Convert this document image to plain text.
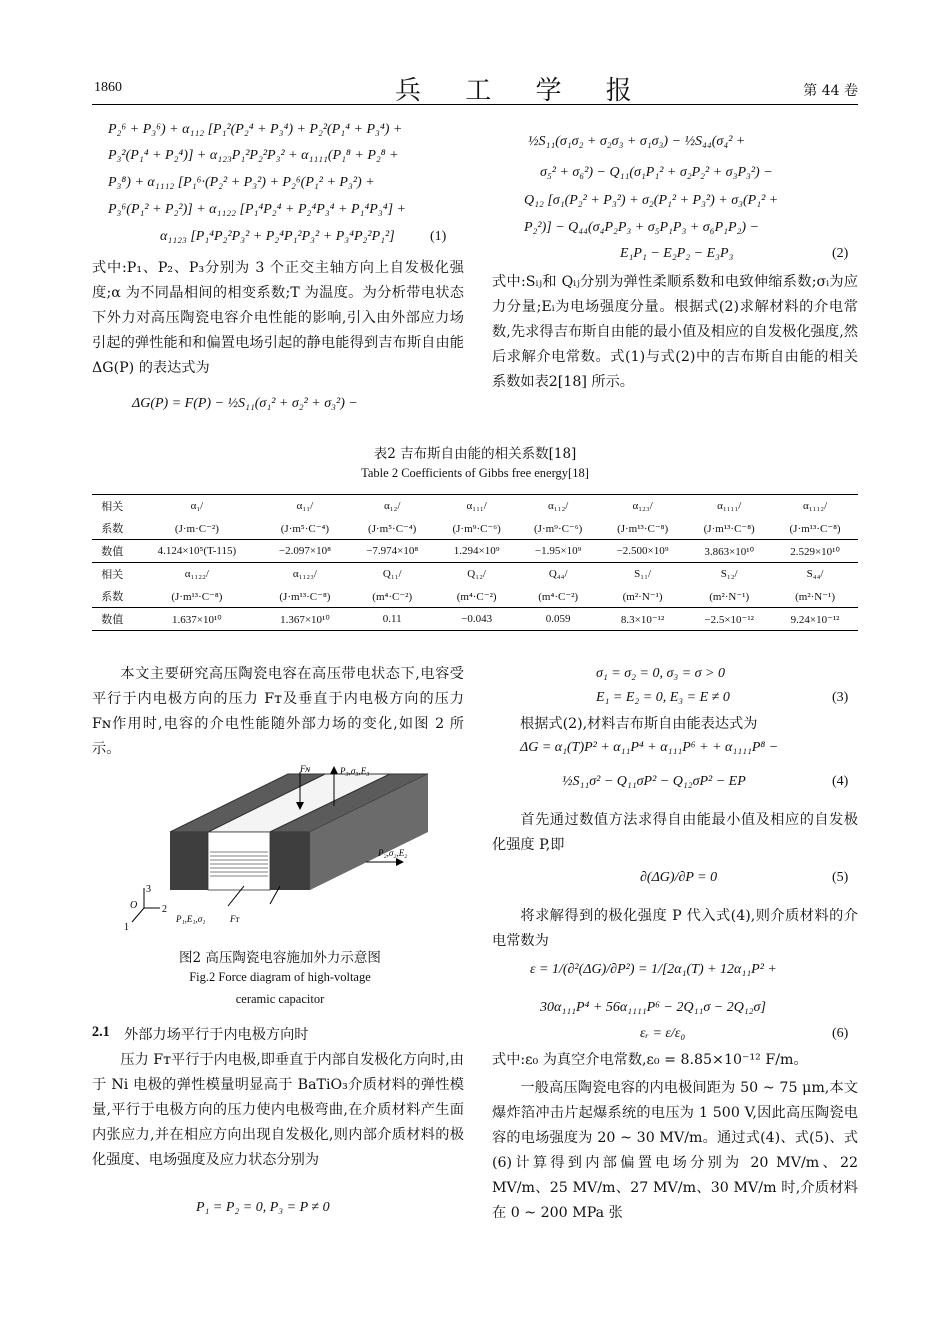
1860	兵 工 学 报	第 44 卷
P₂⁶ + P₃⁶) + α₁₁₂ [P₁²(P₂⁴ + P₃⁴) + P₂²(P₁⁴ + P₃⁴) +
P₃²(P₁⁴ + P₂⁴)] + α₁₂₃P₁²P₂²P₃² + α₁₁₁₁(P₁⁸ + P₂⁸ +
P₃⁸) + α₁₁₁₂ [P₁⁶·(P₂² + P₃²) + P₂⁶(P₁² + P₃²) +
P₃⁶(P₁² + P₂²)] + α₁₁₂₂ [P₁⁴P₂⁴ + P₂⁴P₃⁴ + P₁⁴P₃⁴] +
α₁₁₂₃ [P₁⁴P₂²P₃² + P₂⁴P₁²P₃² + P₃⁴P₂²P₁²]	(1)
式中:P₁、P₂、P₃分别为 3 个正交主轴方向上自发极化强度;α 为不同晶相间的相变系数;T 为温度。为分析带电状态下外力对高压陶瓷电容介电性能的影响,引入由外部应力场引起的弹性能和和偏置电场引起的静电能得到吉布斯自由能ΔG(P) 的表达式为
ΔG(P) = F(P) − ½S₁₁(σ₁² + σ₂² + σ₃²) −
½S₁₁(σ₁σ₂ + σ₂σ₃ + σ₁σ₃) − ½S₄₄(σ₄² +
σ₅² + σ₆²) − Q₁₁(σ₁P₁² + σ₂P₂² + σ₃P₃²) −
Q₁₂ [σ₁(P₂² + P₃²) + σ₂(P₁² + P₃²) + σ₃(P₁² +
P₂²)] − Q₄₄(σ₄P₂P₃ + σ₅P₁P₃ + σ₆P₁P₂) −
E₁P₁ − E₂P₂ − E₃P₃	(2)
式中:Sᵢⱼ和 Qᵢⱼ分别为弹性柔顺系数和电致伸缩系数;σᵢ为应力分量;Eᵢ为电场强度分量。根据式(2)求解材料的介电常数,先求得吉布斯自由能的最小值及相应的自发极化强度,然后求解介电常数。式(1)与式(2)中的吉布斯自由能的相关系数如表2[18] 所示。
表2 吉布斯自由能的相关系数[18]
Table 2 Coefficients of Gibbs free energy[18]
相关	α₁/	α₁₁/	α₁₂/	α₁₁₁/	α₁₁₂/	α₁₂₃/	α₁₁₁₁/	α₁₁₁₂/
系数	(J·m·C⁻²)	(J·m⁵·C⁻⁴)	(J·m⁵·C⁻⁴)	(J·m⁹·C⁻⁶)	(J·m⁹·C⁻⁶)	(J·m¹³·C⁻⁸)	(J·m¹³·C⁻⁸)	(J·m¹³·C⁻⁸)
数值	4.124×10⁵(T-115)	−2.097×10⁸	−7.974×10⁸	1.294×10⁹	−1.95×10⁹	−2.500×10⁹	3.863×10¹⁰	2.529×10¹⁰
相关	α₁₁₂₂/	α₁₁₂₃/	Q₁₁/	Q₁₂/	Q₄₄/	S₁₁/	S₁₂/	S₄₄/
系数	(J·m¹³·C⁻⁸)	(J·m¹³·C⁻⁸)	(m⁴·C⁻²)	(m⁴·C⁻²)	(m⁴·C⁻²)	(m²·N⁻¹)	(m²·N⁻¹)	(m²·N⁻¹)
数值	1.637×10¹⁰	1.367×10¹⁰	0.11	−0.043	0.059	8.3×10⁻¹²	−2.5×10⁻¹²	9.24×10⁻¹²
本文主要研究高压陶瓷电容在高压带电状态下,电容受平行于内电极方向的压力 Fᴛ及垂直于内电极方向的压力 Fɴ作用时,电容的介电性能随外部力场的变化,如图 2 所示。
Fɴ	P₃,σ₃,E₃
P₂,σ₂,E₂
P₁,E₁,σ₁	Fᴛ
3
2
1
O
图2 高压陶瓷电容施加外力示意图
Fig.2 Force diagram of high-voltage
ceramic capacitor
2.1 外部力场平行于内电极方向时
压力 Fᴛ平行于内电极,即垂直于内部自发极化方向时,由于 Ni 电极的弹性模量明显高于 BaTiO₃介质材料的弹性模量,平行于电极方向的压力使内电极弯曲,在介质材料产生面内张应力,并在相应方向出现自发极化,则内部介质材料的极化强度、电场强度及应力状态分别为
P₁ = P₂ = 0, P₃ = P ≠ 0
σ₁ = σ₂ = 0, σ₃ = σ > 0
E₁ = E₂ = 0, E₃ = E ≠ 0	(3)
根据式(2),材料吉布斯自由能表达式为
ΔG = α₁(T)P² + α₁₁P⁴ + α₁₁₁P⁶ + + α₁₁₁₁P⁸ −
½S₁₁σ² − Q₁₁σP² − Q₁₂σP² − EP	(4)
首先通过数值方法求得自由能最小值及相应的自发极化强度 P,即
∂(ΔG)/∂P = 0	(5)
将求解得到的极化强度 P 代入式(4),则介质材料的介电常数为
ε = 1/(∂²(ΔG)/∂P²) = 1/[2α₁(T) + 12α₁₁P² +
30α₁₁₁P⁴ + 56α₁₁₁₁P⁶ − 2Q₁₁σ − 2Q₁₂σ]
εᵣ = ε/ε₀	(6)
式中:ε₀ 为真空介电常数,ε₀ = 8.85×10⁻¹² F/m。
一般高压陶瓷电容的内电极间距为 50 ~ 75 μm,本文爆炸箔冲击片起爆系统的电压为 1 500 V,因此高压陶瓷电容的电场强度为 20 ~ 30 MV/m。通过式(4)、式(5)、式(6)计算得到内部偏置电场分别为 20 MV/m、22 MV/m、25 MV/m、27 MV/m、30 MV/m 时,介质材料在 0 ~ 200 MPa 张
